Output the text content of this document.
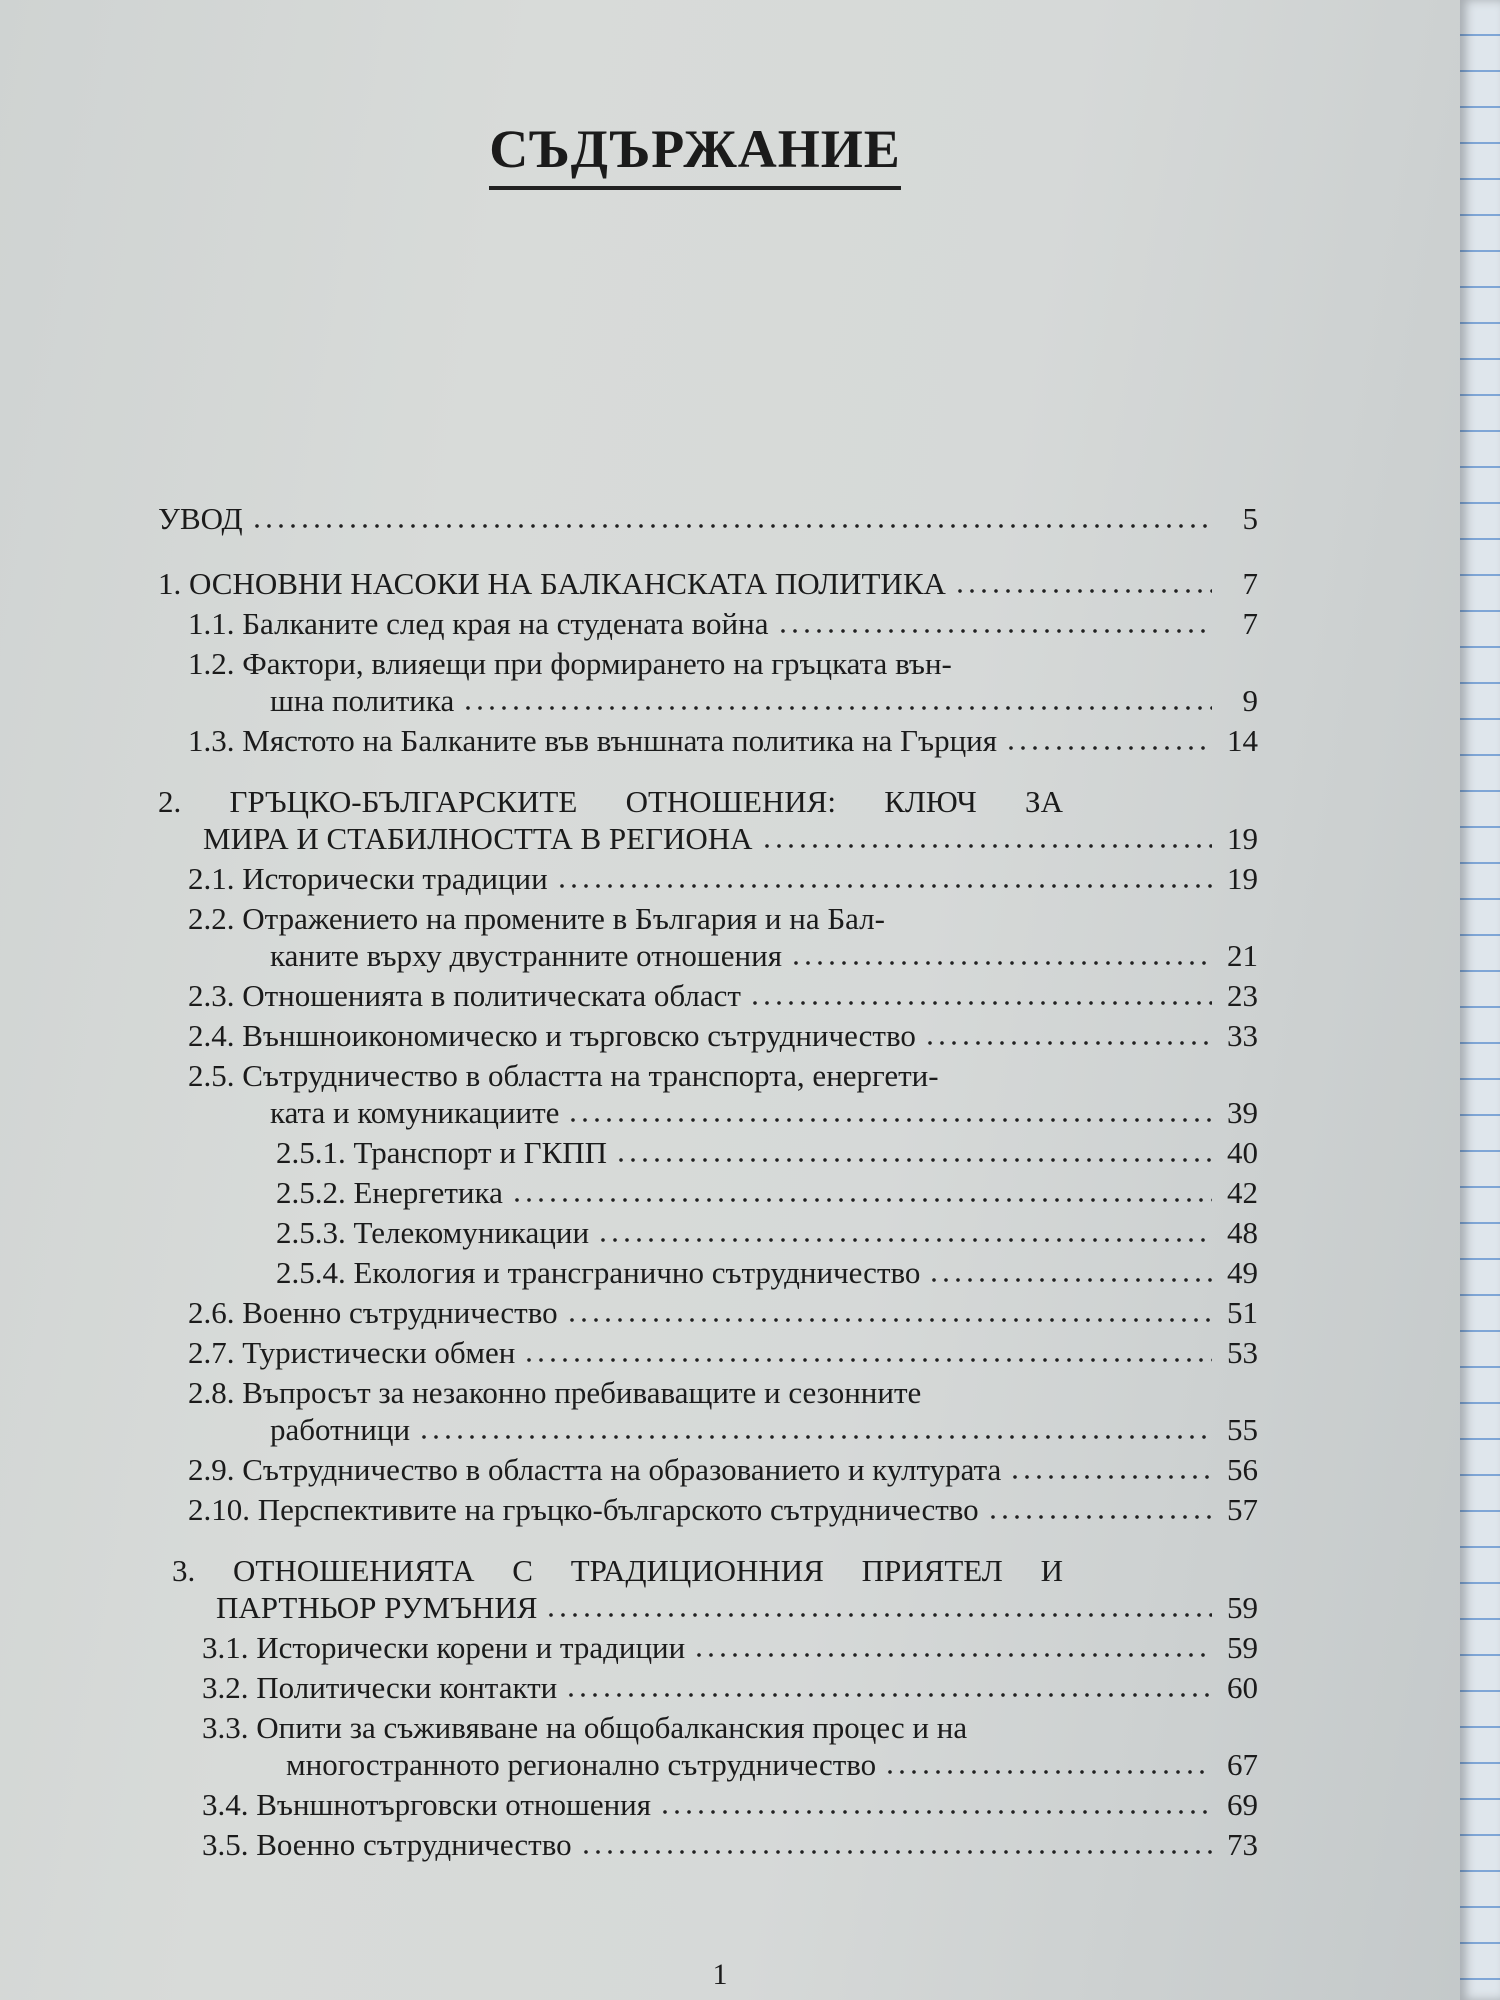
СЪДЪРЖАНИЕ
УВОД	5
1. ОСНОВНИ НАСОКИ НА БАЛКАНСКАТА ПОЛИТИКА	7
1.1. Балканите след края на студената война	7
1.2. Фактори, влияещи при формирането на гръцката вън-
шна политика	9
1.3. Мястото на Балканите във външната политика на Гърция	14
2. ГРЪЦКО-БЪЛГАРСКИТЕ ОТНОШЕНИЯ: КЛЮЧ ЗА
МИРА И СТАБИЛНОСТТА В РЕГИОНА	19
2.1. Исторически традиции	19
2.2. Отражението на промените в България и на Бал-
каните върху двустранните отношения	21
2.3. Отношенията в политическата област	23
2.4. Външноикономическо и търговско сътрудничество	33
2.5. Сътрудничество в областта на транспорта, енергети-
ката и комуникациите	39
2.5.1. Транспорт и ГКПП	40
2.5.2. Енергетика	42
2.5.3. Телекомуникации	48
2.5.4. Екология и трансгранично сътрудничество	49
2.6. Военно сътрудничество	51
2.7. Туристически обмен	53
2.8. Въпросът за незаконно пребиваващите и сезонните
работници	55
2.9. Сътрудничество в областта на образованието и културата	56
2.10. Перспективите на гръцко-българското сътрудничество	57
3. ОТНОШЕНИЯТА С ТРАДИЦИОННИЯ ПРИЯТЕЛ И
ПАРТНЬОР РУМЪНИЯ	59
3.1. Исторически корени и традиции	59
3.2. Политически контакти	60
3.3. Опити за съживяване на общобалканския процес и на
многостранното регионално сътрудничество	67
3.4. Външнотърговски отношения	69
3.5. Военно сътрудничество	73
1
